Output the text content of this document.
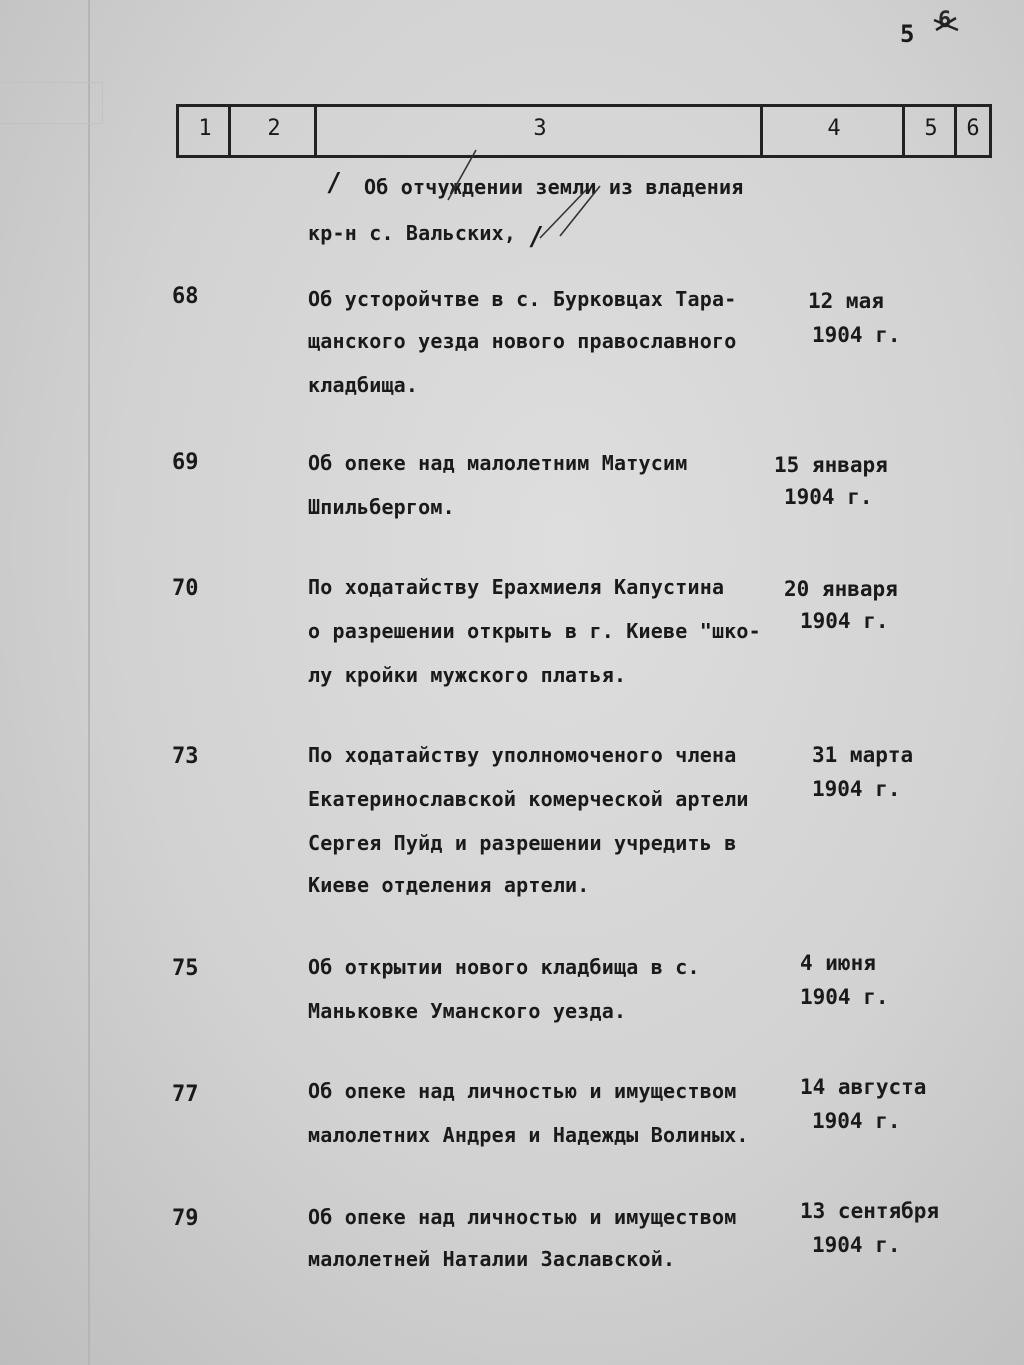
5 6
1	2	3	4	5	6
/ Об отчуждении земли из владения
кр-н с. Вальских, /
68	Об усторойчтве в с. Бурковцах Тара-
щанского уезда нового православного
кладбища.
12 мая
1904 г.
69	Об опеке над малолетним Матусим
Шпильбергом.
15 января
1904 г.
70	По ходатайству Ерахмиеля Капустина
о разрешении открыть в г. Киеве "шко-
лу кройки мужского платья.
20 января
1904 г.
73	По ходатайству уполномоченого члена
Екатеринославской комерческой артели
Сергея Пуйд и разрешении учредить в
Киеве отделения артели.
31 марта
1904 г.
75	Об открытии нового кладбища в с.
Маньковке Уманского уезда.
4 июня
1904 г.
77	Об опеке над личностью и имуществом
малолетних Андрея и Надежды Волиных.
14 августа
1904 г.
79	Об опеке над личностью и имуществом
малолетней Наталии Заславской.
13 сентября
1904 г.
